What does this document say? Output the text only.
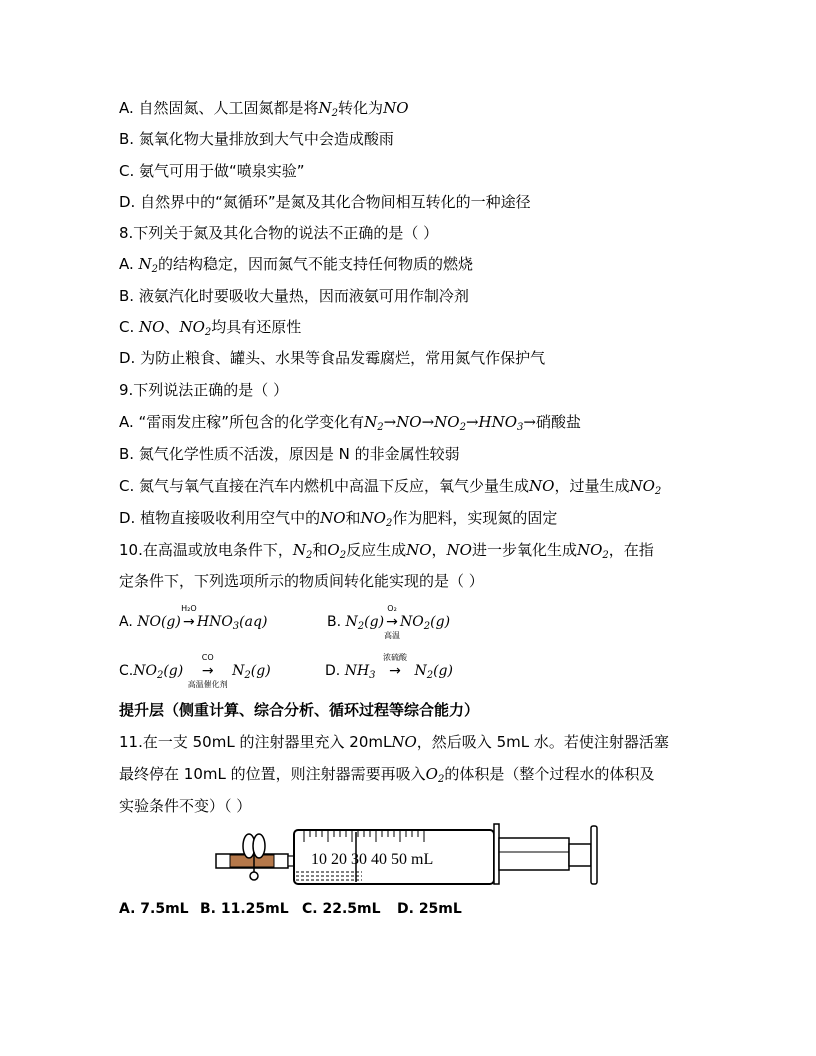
A. 自然固氮、人工固氮都是将$N_2$转化为NO
B. 氮氧化物大量排放到大气中会造成酸雨
C. 氨气可用于做“喷泉实验”
D. 自然界中的“氮循环”是氮及其化合物间相互转化的一种途径
8.下列关于氮及其化合物的说法不正确的是（ ）
A. $N_2$的结构稳定，因而氮气不能支持任何物质的燃烧
B. 液氨汽化时要吸收大量热，因而液氨可用作制冷剂
C. NO、$NO_2$均具有还原性
D. 为防止粮食、罐头、水果等食品发霉腐烂，常用氮气作保护气
9.下列说法正确的是（ ）
A. “雷雨发庄稼”所包含的化学变化有$N_2\to NO\to NO_2\to HNO_3\to$硝酸盐
B. 氮气化学性质不活泼，原因是 N 的非金属性较弱
C. 氮气与氧气直接在汽车内燃机中高温下反应，氧气少量生成NO，过量生成$NO_2$
D. 植物直接吸收利用空气中的NO和$NO_2$作为肥料，实现氮的固定
10.在高温或放电条件下，$N_2$和$O_2$反应生成NO，NO进一步氧化生成$NO_2$，在指
定条件下，下列选项所示的物质间转化能实现的是（ ）
A. NO(g)
H₂O
→ $HNO_3(aq)$	B. $N_2(g)$
O₂
→
高温
$NO_2(g)$
$C.NO_2(g)$
CO
→
高温催化剂
$N_2(g)$	D. $NH_3$
浓硫酸
→ $N_2(g)$
提升层（侧重计算、综合分析、循环过程等综合能力）
11.在一支 50mL 的注射器里充入 20mLNO，然后吸入 5mL 水。若使注射器活塞
最终停在 10mL 的位置，则注射器需要再吸入$O_2$的体积是（整个过程水的体积及
实验条件不变）（ ）
10 20 30 40 50 mL
A. 7.5mL B. 11.25mL C. 22.5mL D. 25mL
